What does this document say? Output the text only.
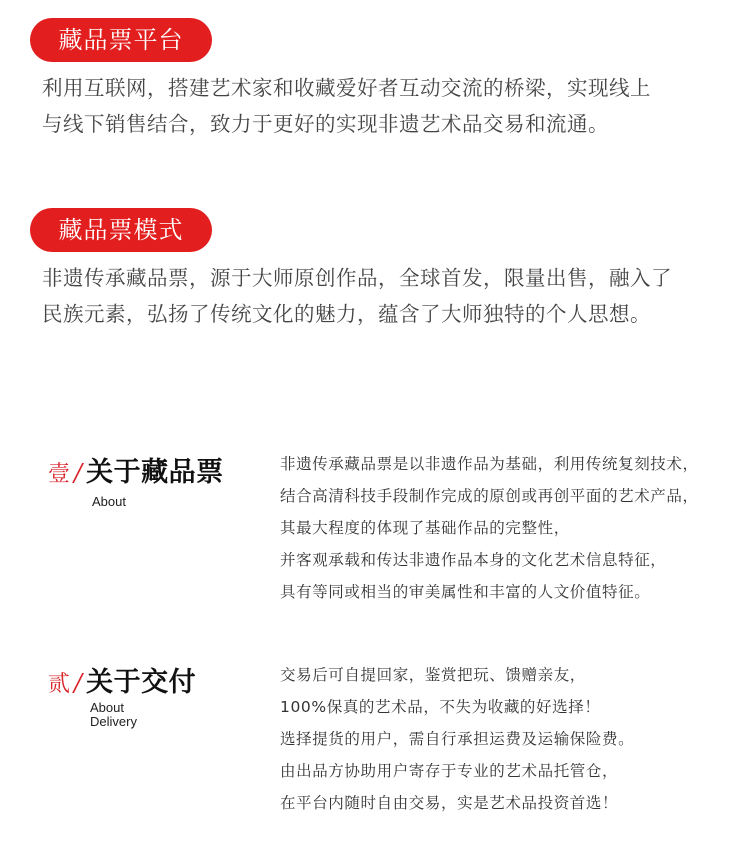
藏品票平台
利用互联网，搭建艺术家和收藏爱好者互动交流的桥梁，实现线上
与线下销售结合，致力于更好的实现非遗艺术品交易和流通。
藏品票模式
非遗传承藏品票，源于大师原创作品，全球首发，限量出售，融入了
民族元素，弘扬了传统文化的魅力，蕴含了大师独特的个人思想。
壹 / 关于藏品票
About
非遗传承藏品票是以非遗作品为基础，利用传统复刻技术，
结合高清科技手段制作完成的原创或再创平面的艺术产品，
其最大程度的体现了基础作品的完整性，
并客观承载和传达非遗作品本身的文化艺术信息特征，
具有等同或相当的审美属性和丰富的人文价值特征。
贰 / 关于交付
About
Delivery
交易后可自提回家，鉴赏把玩、馈赠亲友，
100%保真的艺术品，不失为收藏的好选择！
选择提货的用户，需自行承担运费及运输保险费。
由出品方协助用户寄存于专业的艺术品托管仓，
在平台内随时自由交易，实是艺术品投资首选！
